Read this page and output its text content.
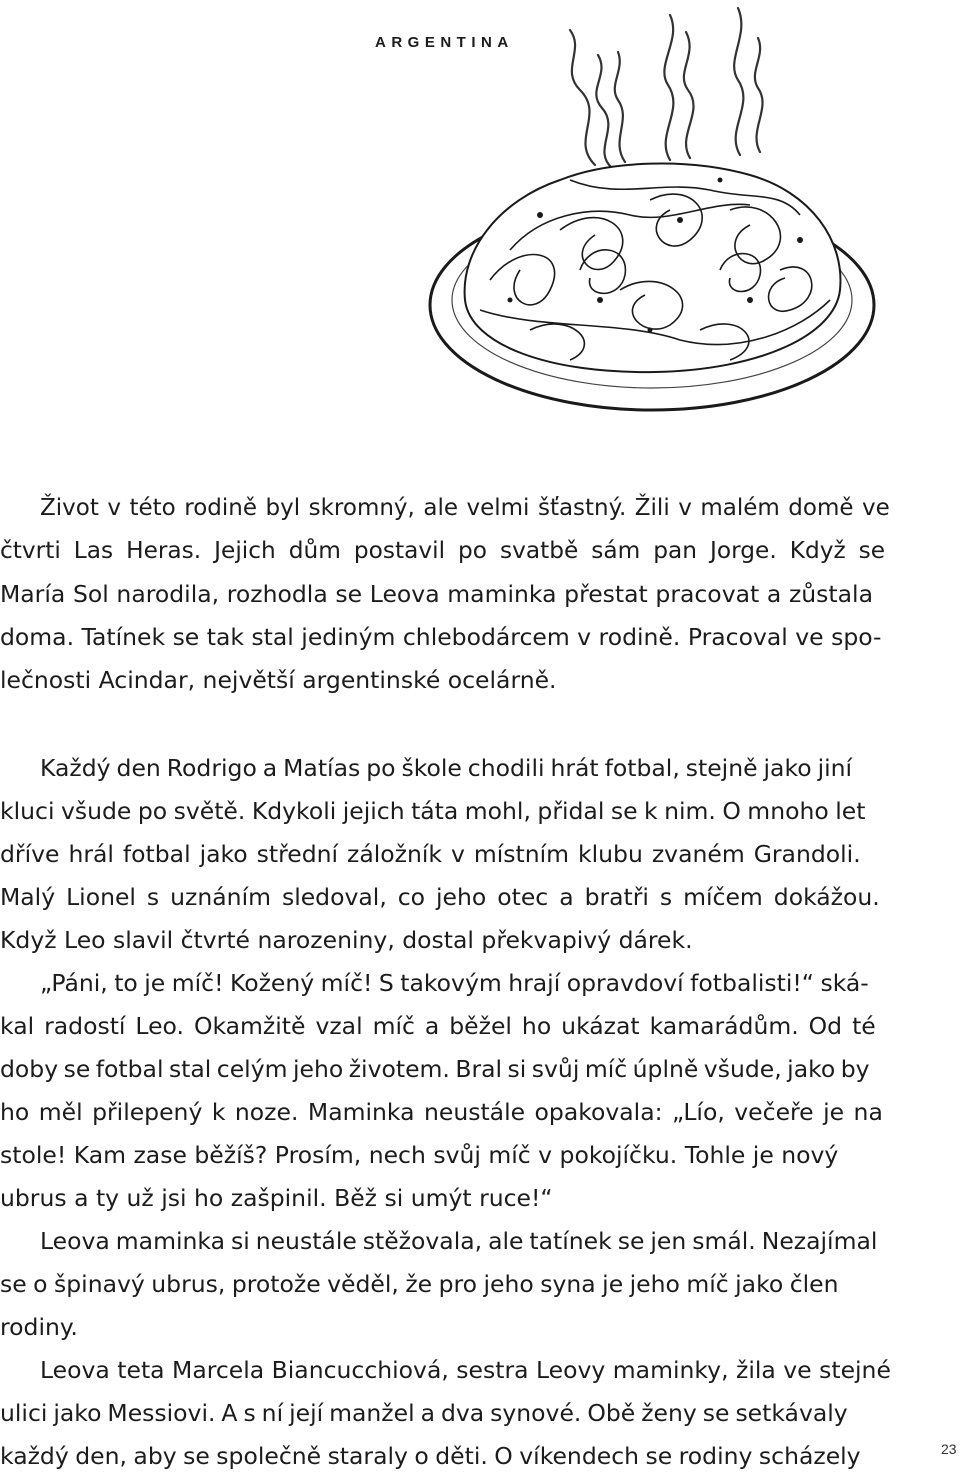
ARGENTINA
Život v této rodině byl skromný, ale velmi šťastný. Žili v malém domě ve
čtvrti Las Heras. Jejich dům postavil po svatbě sám pan Jorge. Když se
María Sol narodila, rozhodla se Leova maminka přestat pracovat a zůstala
doma. Tatínek se tak stal jediným chlebodárcem v rodině. Pracoval ve spo-
lečnosti Acindar, největší argentinské ocelárně.
Každý den Rodrigo a Matías po škole chodili hrát fotbal, stejně jako jiní
kluci všude po světě. Kdykoli jejich táta mohl, přidal se k nim. O mnoho let
dříve hrál fotbal jako střední záložník v místním klubu zvaném Grandoli.
Malý Lionel s uznáním sledoval, co jeho otec a bratři s míčem dokážou.
Když Leo slavil čtvrté narozeniny, dostal překvapivý dárek.
„Páni, to je míč! Kožený míč! S takovým hrají opravdoví fotbalisti!“ ská-
kal radostí Leo. Okamžitě vzal míč a běžel ho ukázat kamarádům. Od té
doby se fotbal stal celým jeho životem. Bral si svůj míč úplně všude, jako by
ho měl přilepený k noze. Maminka neustále opakovala: „Lío, večeře je na
stole! Kam zase běžíš? Prosím, nech svůj míč v pokojíčku. Tohle je nový
ubrus a ty už jsi ho zašpinil. Běž si umýt ruce!“
Leova maminka si neustále stěžovala, ale tatínek se jen smál. Nezajímal
se o špinavý ubrus, protože věděl, že pro jeho syna je jeho míč jako člen
rodiny.
Leova teta Marcela Biancucchiová, sestra Leovy maminky, žila ve stejné
ulici jako Messiovi. A s ní její manžel a dva synové. Obě ženy se setkávaly
každý den, aby se společně staraly o děti. O víkendech se rodiny scházely	23
